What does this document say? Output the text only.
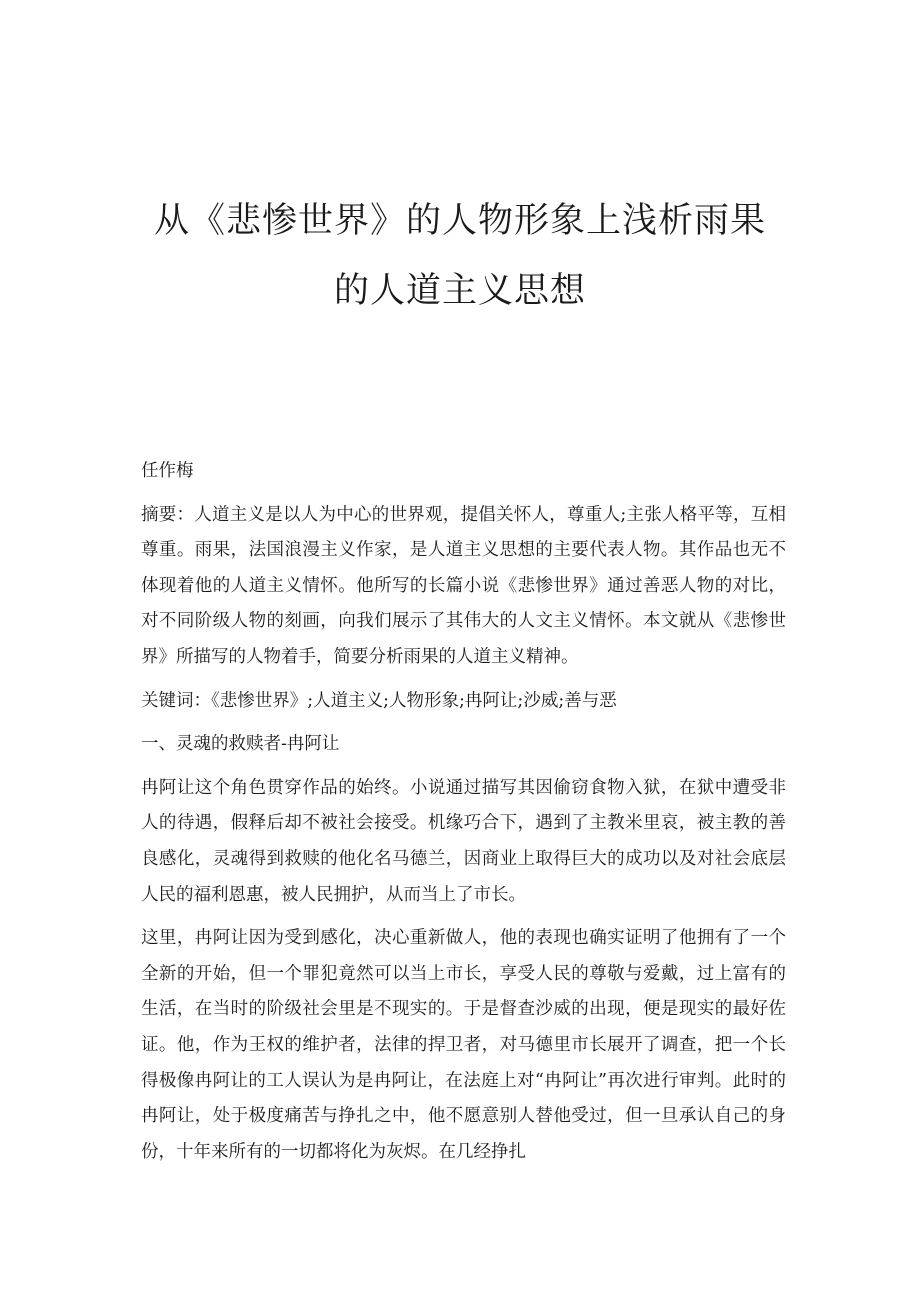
从《悲惨世界》的人物形象上浅析雨果
的人道主义思想

任作梅

摘要：人道主义是以人为中心的世界观，提倡关怀人，尊重人;主张人格平等，互相尊重。雨果，法国浪漫主义作家，是人道主义思想的主要代表人物。其作品也无不体现着他的人道主义情怀。他所写的长篇小说《悲惨世界》通过善恶人物的对比，对不同阶级人物的刻画，向我们展示了其伟大的人文主义情怀。本文就从《悲惨世界》所描写的人物着手，简要分析雨果的人道主义精神。

关键词：《悲惨世界》;人道主义;人物形象;冉阿让;沙威;善与恶

一、灵魂的救赎者-冉阿让

冉阿让这个角色贯穿作品的始终。小说通过描写其因偷窃食物入狱，在狱中遭受非人的待遇，假释后却不被社会接受。机缘巧合下，遇到了主教米里哀，被主教的善良感化，灵魂得到救赎的他化名马德兰，因商业上取得巨大的成功以及对社会底层人民的福利恩惠，被人民拥护，从而当上了市长。

这里，冉阿让因为受到感化，决心重新做人，他的表现也确实证明了他拥有了一个全新的开始，但一个罪犯竟然可以当上市长，享受人民的尊敬与爱戴，过上富有的生活，在当时的阶级社会里是不现实的。于是督查沙威的出现，便是现实的最好佐证。他，作为王权的维护者，法律的捍卫者，对马德里市长展开了调查，把一个长得极像冉阿让的工人误认为是冉阿让，在法庭上对“冉阿让”再次进行审判。此时的冉阿让，处于极度痛苦与挣扎之中，他不愿意别人替他受过，但一旦承认自己的身份，十年来所有的一切都将化为灰烬。在几经挣扎
